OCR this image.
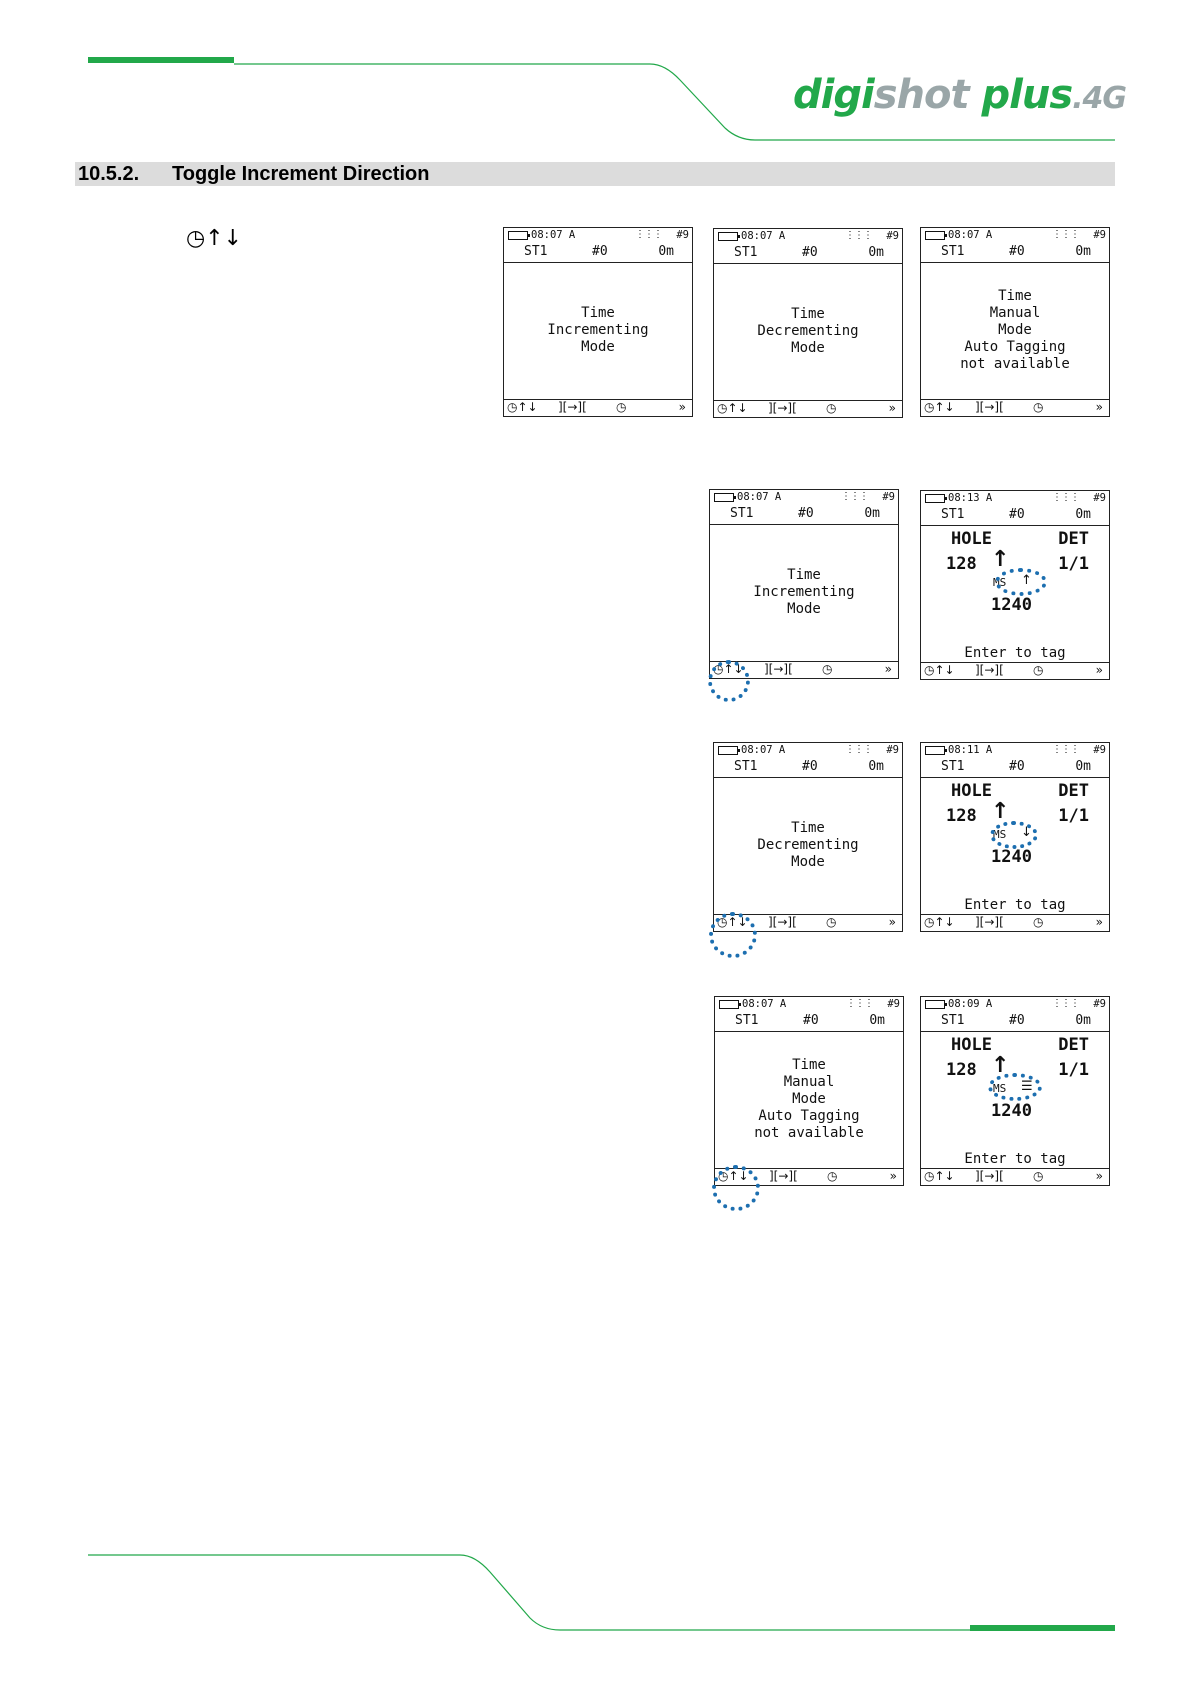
digishot plus.4G
10.5.2. Toggle Increment Direction
◷↑↓	08:07 A	⋮⋮⋮ #9
ST1	#0	0m
Time
Incrementing
Mode
◷↑↓ ][→][ ◷	»
08:07 A	⋮⋮⋮ #9
ST1	#0	0m
Time
Decrementing
Mode
◷↑↓ ][→][ ◷	»
08:07 A	⋮⋮⋮ #9
ST1	#0	0m
Time
Manual
Mode
Auto Tagging
not available
◷↑↓ ][→][ ◷	»
08:07 A	⋮⋮⋮ #9
ST1	#0	0m
Time
Incrementing
Mode
◷↑↓ ][→][ ◷	»
08:13 A	⋮⋮⋮ #9
ST1	#0	0m
HOLE	DET
128 ↑	1/1
MS ↑
1240
Enter to tag
◷↑↓ ][→][ ◷	»
08:07 A	⋮⋮⋮ #9
ST1	#0	0m
Time
Decrementing
Mode
◷↑↓ ][→][ ◷	»
08:11 A	⋮⋮⋮ #9
ST1	#0	0m
HOLE	DET
128 ↑	1/1
MS ↓
1240
Enter to tag
◷↑↓ ][→][ ◷	»
08:07 A	⋮⋮⋮ #9
ST1	#0	0m
Time
Manual
Mode
Auto Tagging
not available
◷↑↓ ][→][ ◷	»
08:09 A	⋮⋮⋮ #9
ST1	#0	0m
HOLE	DET
128 ↑	1/1
MS ☰
1240
Enter to tag
◷↑↓ ][→][ ◷	»
